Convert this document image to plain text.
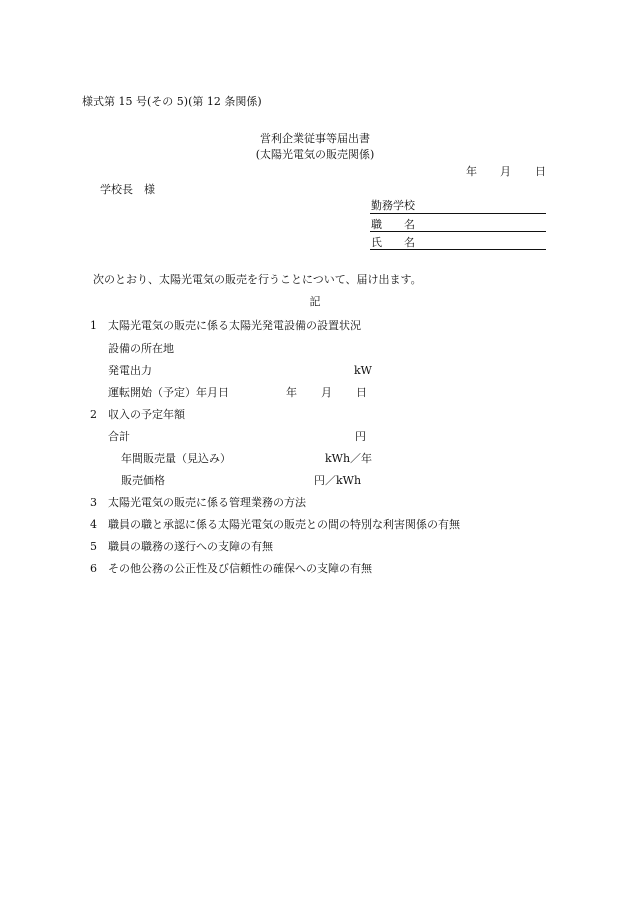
様式第 15 号(その 5)(第 12 条関係)
営利企業従事等届出書
(太陽光電気の販売関係)
年 月 日
学校長　様
勤務学校
職　　名
氏　　名
次のとおり、太陽光電気の販売を行うことについて、届け出ます。
記
1 太陽光電気の販売に係る太陽光発電設備の設置状況
設備の所在地
発電出力	kW
運転開始（予定）年月日	年 月 日
2 収入の予定年額
合計	円
年間販売量（見込み）	kWh／年
販売価格	円／kWh
3 太陽光電気の販売に係る管理業務の方法
4 職員の職と承認に係る太陽光電気の販売との間の特別な利害関係の有無
5 職員の職務の遂行への支障の有無
6 その他公務の公正性及び信頼性の確保への支障の有無
